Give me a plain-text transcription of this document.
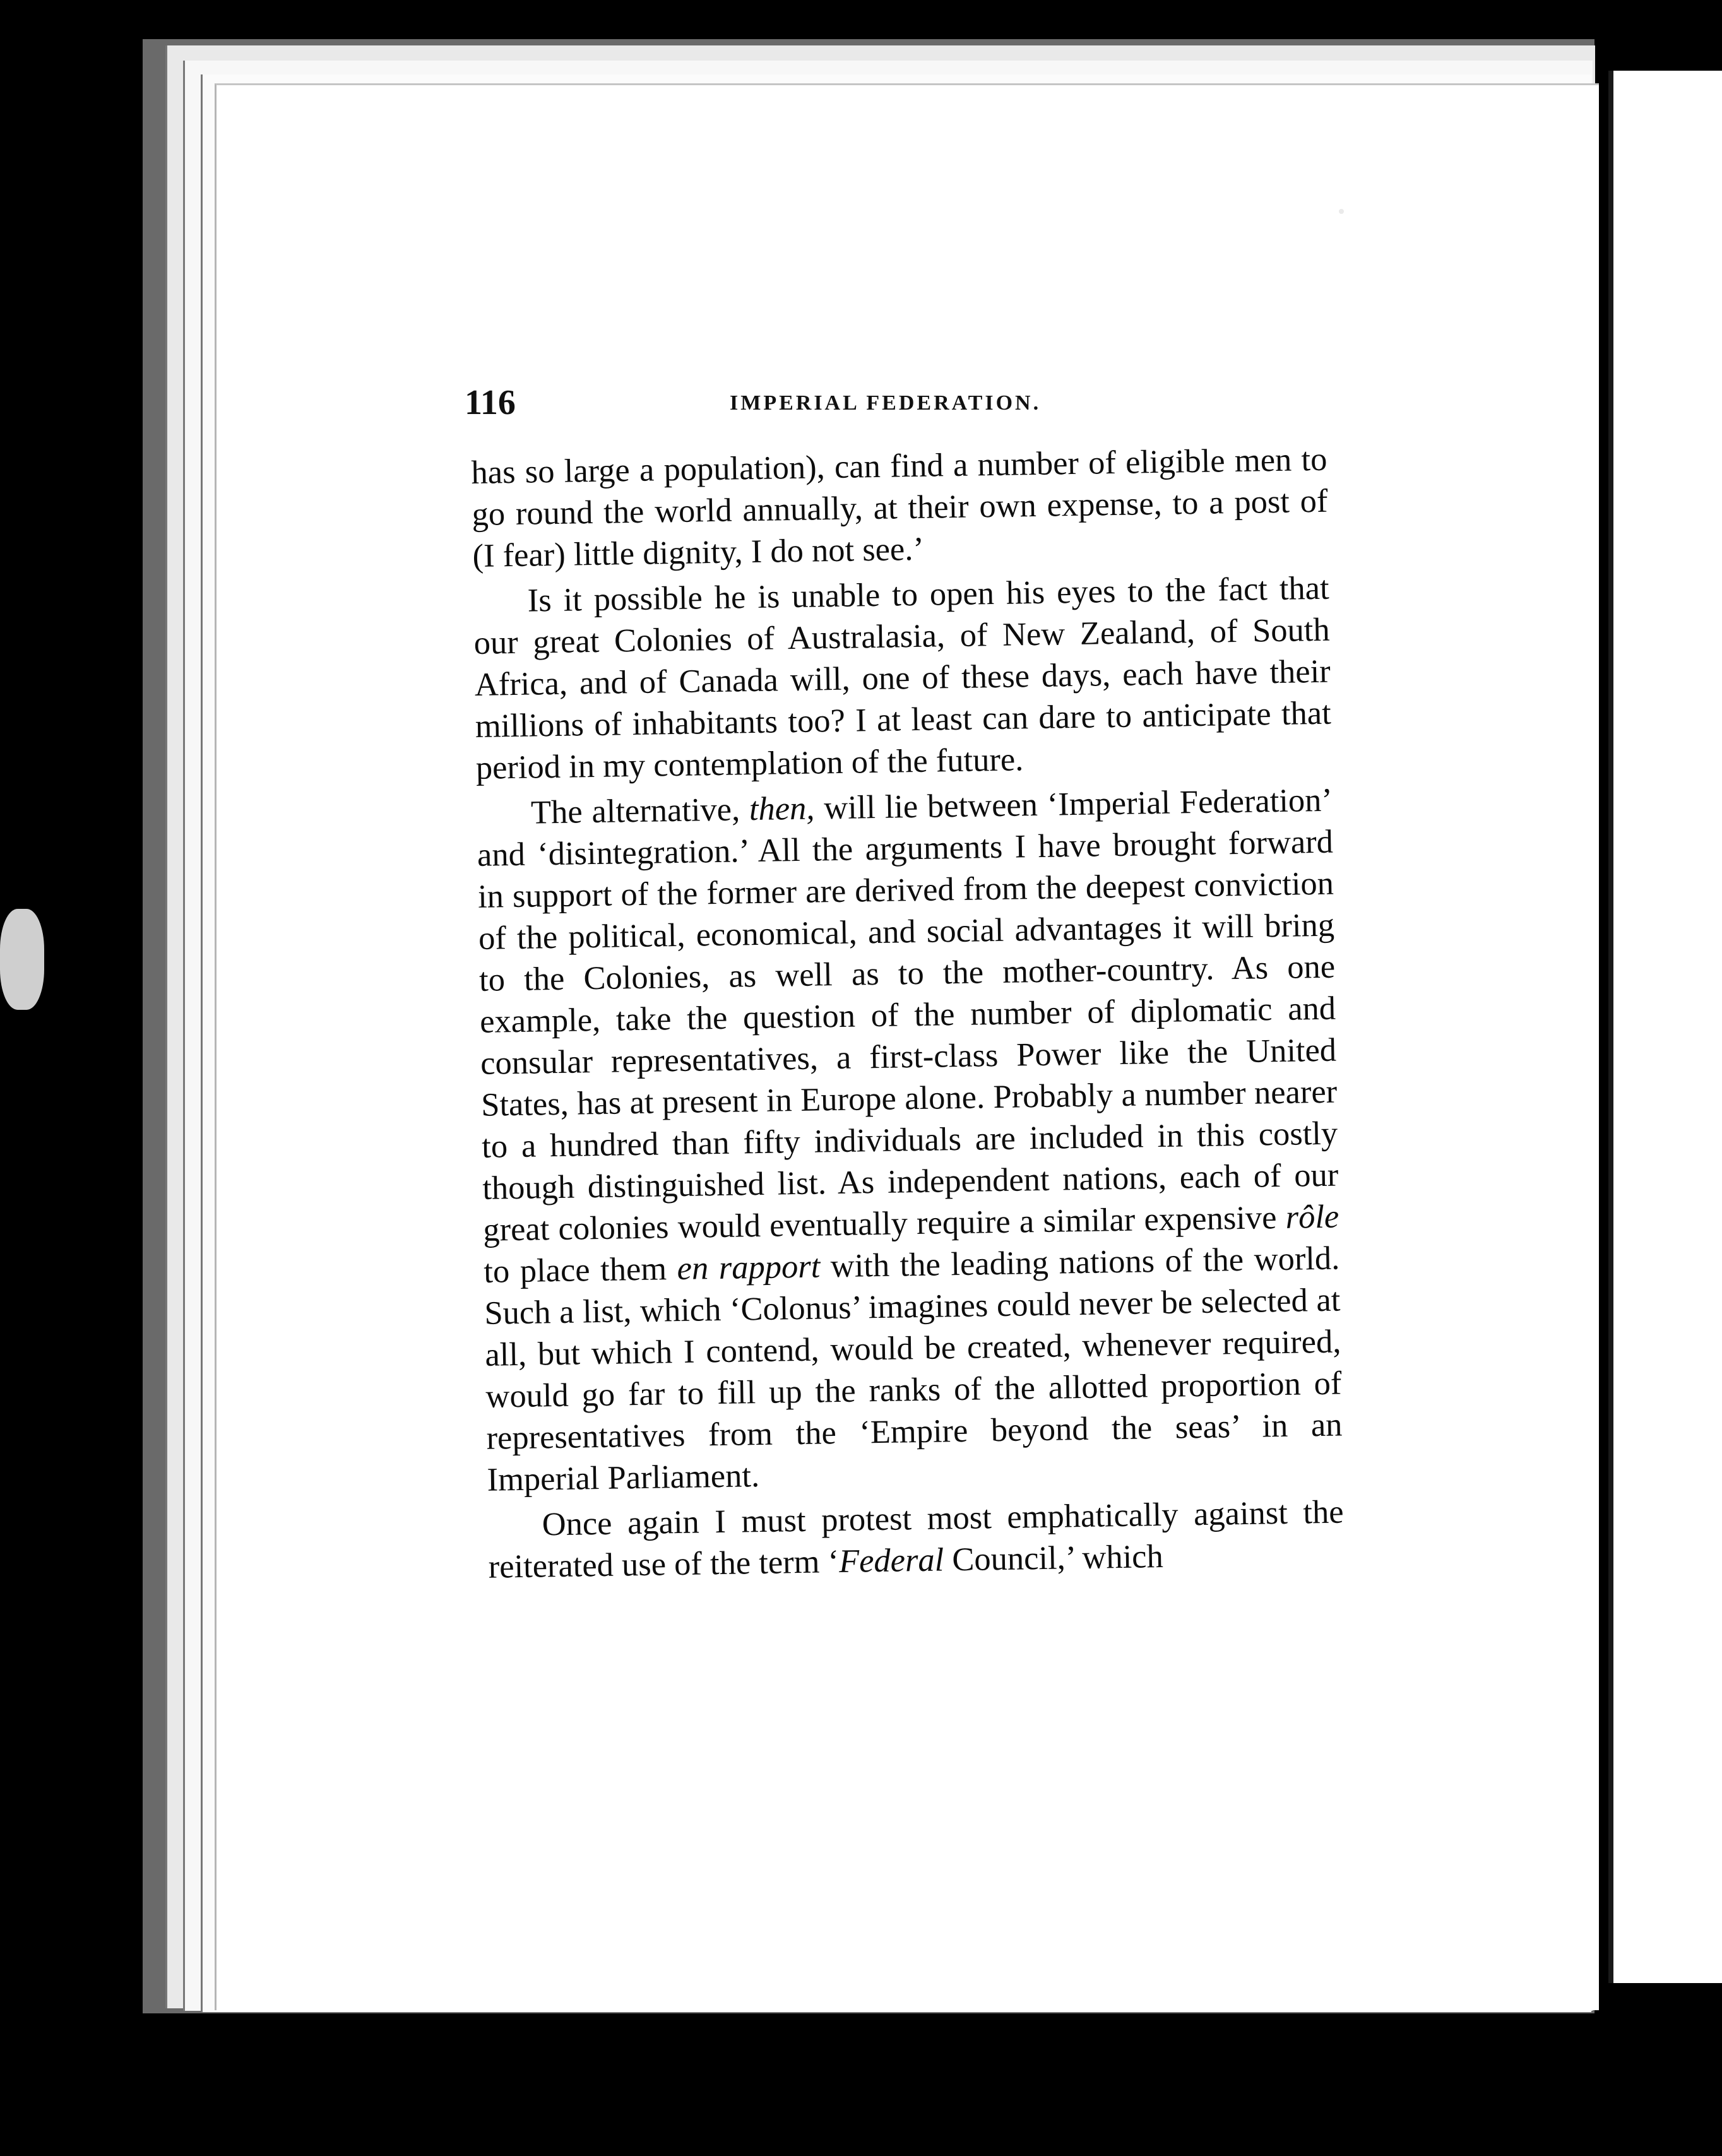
116	IMPERIAL FEDERATION.

has so large a population), can find a number of eligible men to go round the world annually, at their own expense, to a post of (I fear) little dignity, I do not see.’

Is it possible he is unable to open his eyes to the fact that our great Colonies of Australasia, of New Zealand, of South Africa, and of Canada will, one of these days, each have their millions of inhabitants too? I at least can dare to anticipate that period in my contemplation of the future.

The alternative, then, will lie between ‘Imperial Federation’ and ‘disintegration.’ All the arguments I have brought forward in support of the former are derived from the deepest conviction of the political, economical, and social advantages it will bring to the Colonies, as well as to the mother-country. As one example, take the question of the number of diplomatic and consular representatives, a first-class Power like the United States, has at present in Europe alone. Probably a number nearer to a hundred than fifty individuals are included in this costly though distinguished list. As independent nations, each of our great colonies would eventually require a similar expensive rôle to place them en rapport with the leading nations of the world. Such a list, which ‘Colonus’ imagines could never be selected at all, but which I contend, would be created, whenever required, would go far to fill up the ranks of the allotted proportion of representatives from the ‘Empire beyond the seas’ in an Imperial Parliament.

Once again I must protest most emphatically against the reiterated use of the term ‘Federal Council,’ which
